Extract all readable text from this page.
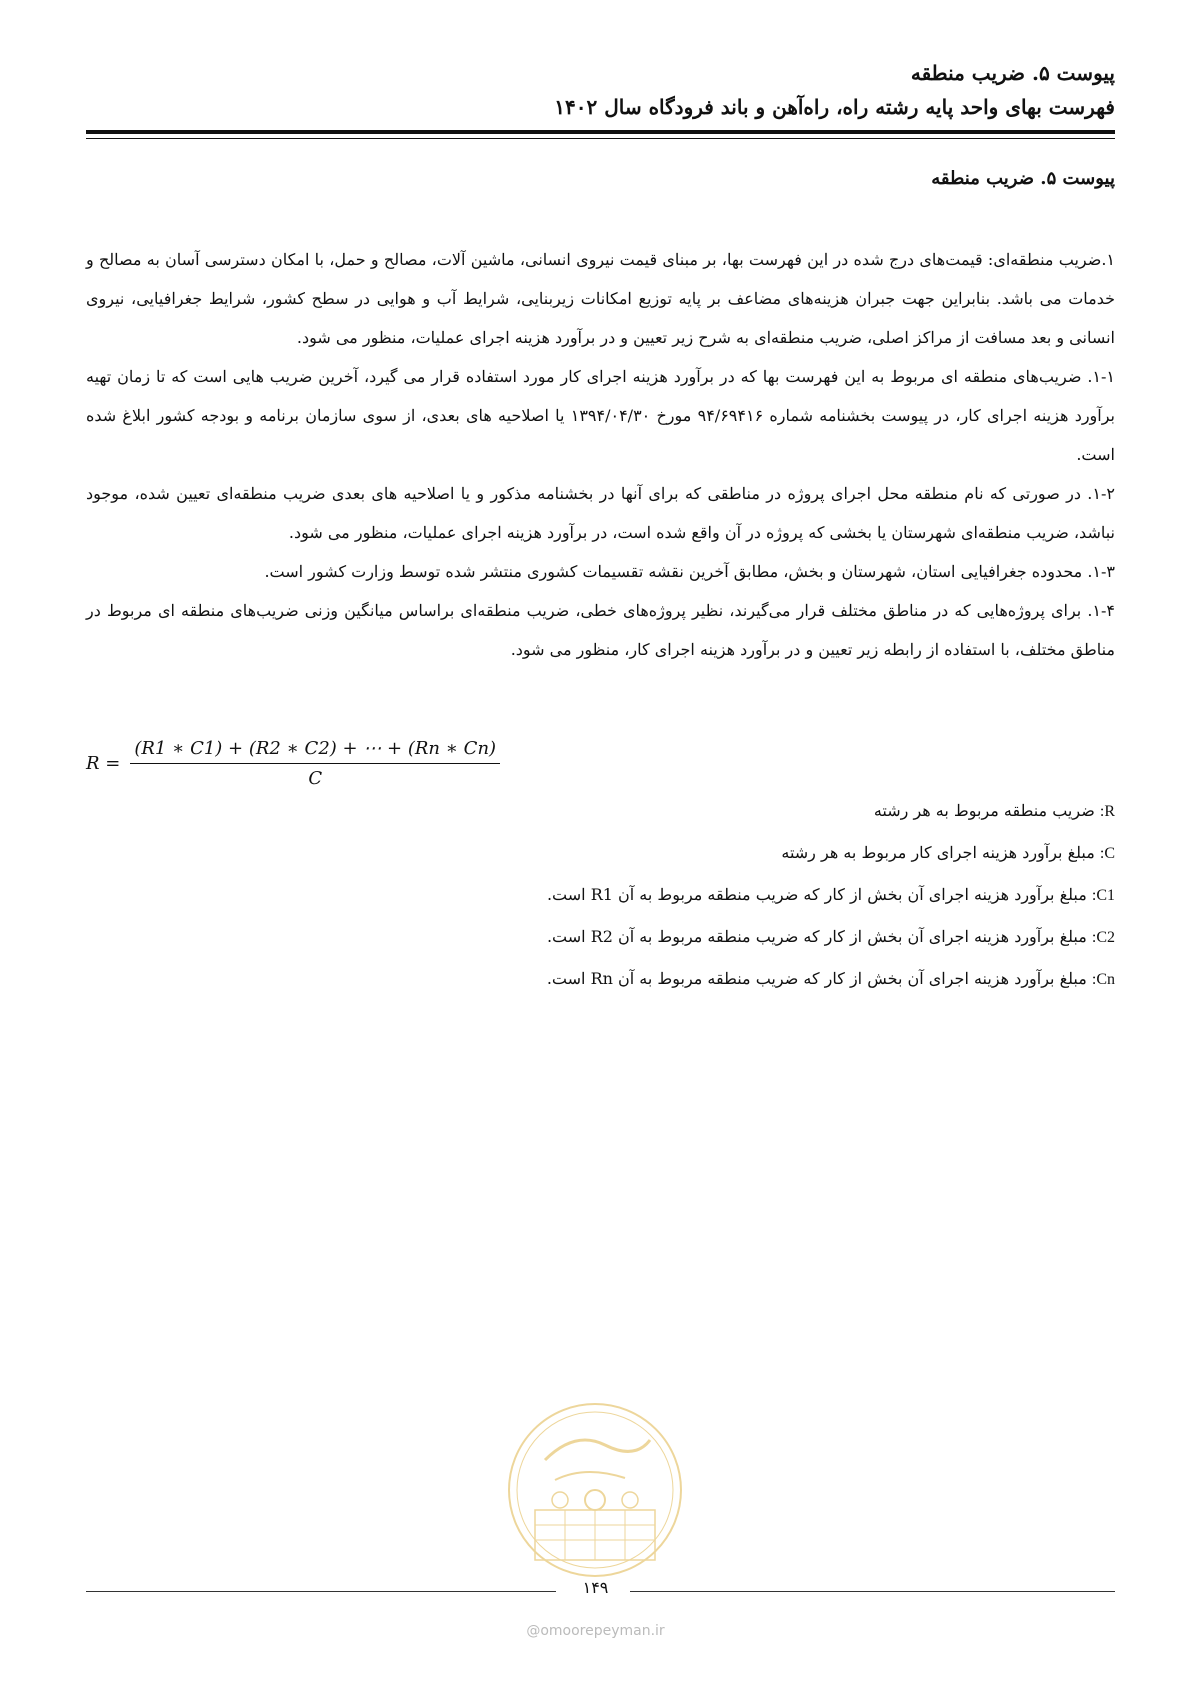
پیوست ۵. ضریب منطقه
فهرست بهای واحد پایه رشته راه، راه‌آهن و باند فرودگاه سال ۱۴۰۲
پیوست ۵. ضریب منطقه

۱.ضریب منطقه‌ای: قیمت‌های درج شده در این فهرست بها، بر مبنای قیمت نیروی انسانی، ماشین آلات، مصالح و حمل، با امکان دسترسی آسان به مصالح و خدمات می باشد. بنابراین جهت جبران هزینه‌های مضاعف بر پایه توزیع امکانات زیربنایی، شرایط آب و هوایی در سطح کشور، شرایط جغرافیایی، نیروی انسانی و بعد مسافت از مراکز اصلی، ضریب منطقه‌ای به شرح زیر تعیین و در برآورد هزینه اجرای عملیات، منظور می شود.

۱-۱. ضریب‌های منطقه ای مربوط به این فهرست بها که در برآورد هزینه اجرای کار مورد استفاده قرار می گیرد، آخرین ضریب هایی است که تا زمان تهیه برآورد هزینه اجرای کار، در پیوست بخشنامه شماره ۹۴/۶۹۴۱۶ مورخ ۱۳۹۴/۰۴/۳۰ یا اصلاحیه های بعدی، از سوی سازمان برنامه و بودجه کشور ابلاغ شده است.

۱-۲. در صورتی که نام منطقه محل اجرای پروژه در مناطقی که برای آنها در بخشنامه مذکور و یا اصلاحیه های بعدی ضریب منطقه‌ای تعیین شده، موجود نباشد، ضریب منطقه‌ای شهرستان یا بخشی که پروژه در آن واقع شده است، در برآورد هزینه اجرای عملیات، منظور می شود.

۱-۳. محدوده جغرافیایی استان، شهرستان و بخش، مطابق آخرین نقشه تقسیمات کشوری منتشر شده توسط وزارت کشور است.

۱-۴. برای پروژه‌هایی که در مناطق مختلف قرار می‌گیرند، نظیر پروژه‌های خطی، ضریب منطقه‌ای براساس میانگین وزنی ضریب‌های منطقه ای مربوط در مناطق مختلف، با استفاده از رابطه زیر تعیین و در برآورد هزینه اجرای کار، منظور می شود.

$R = \frac{(R1 ∗ C1) + (R2 ∗ C2) + \cdots + (Rn ∗ Cn)}{C}$
R: ضریب منطقه مربوط به هر رشته
C: مبلغ برآورد هزینه اجرای کار مربوط به هر رشته
C1: مبلغ برآورد هزینه اجرای آن بخش از کار که ضریب منطقه مربوط به آن R1 است.
C2: مبلغ برآورد هزینه اجرای آن بخش از کار که ضریب منطقه مربوط به آن R2 است.
Cn: مبلغ برآورد هزینه اجرای آن بخش از کار که ضریب منطقه مربوط به آن Rn است.
۱۴۹
@omoorepeyman.ir
